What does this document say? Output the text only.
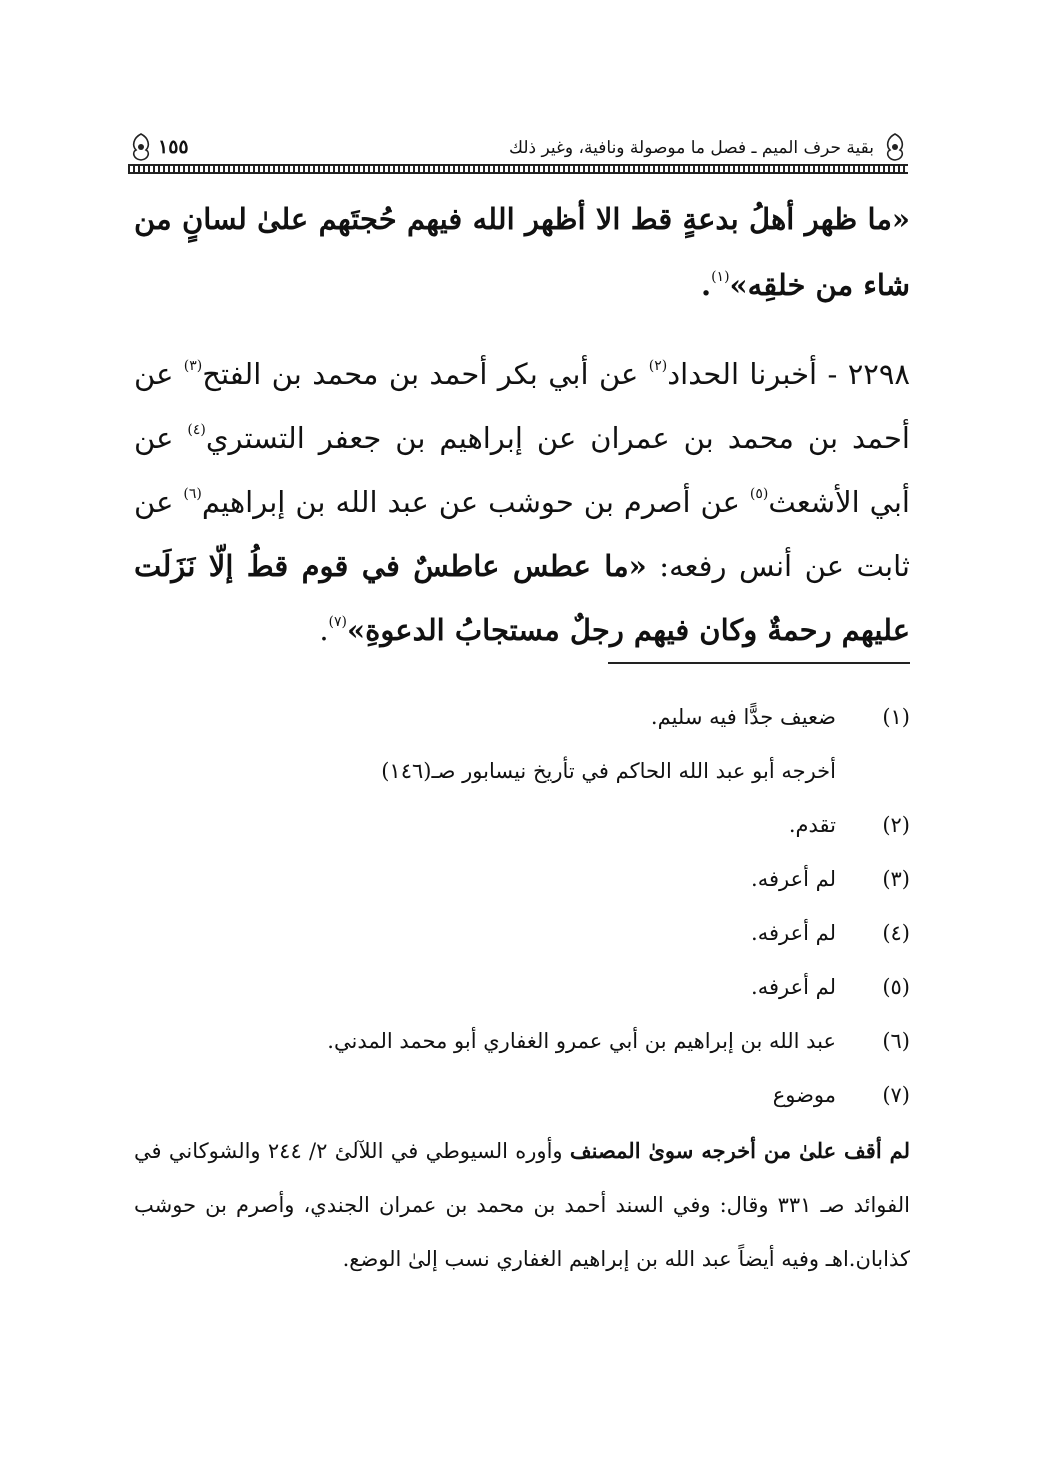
١٥٥	بقية حرف الميم ـ فصل ما موصولة ونافية، وغير ذلك
«ما ظهر أهلُ بدعةٍ قط الا أظهر الله فيهم حُجتَهم علىٰ لسانٍ من شاء من خلقِه»$^{(١)}$.
٢٢٩٨ - أخبرنا الحداد$^{(٢)}$ عن أبي بكر أحمد بن محمد بن الفتح$^{(٣)}$ عن أحمد بن محمد بن عمران عن إبراهيم بن جعفر التستري$^{(٤)}$ عن أبي الأشعث$^{(٥)}$ عن أصرم بن حوشب عن عبد الله بن إبراهيم$^{(٦)}$ عن ثابت عن أنس رفعه: «ما عطس عاطسٌ في قوم قطُ إلّا نَزَلَت عليهم رحمةٌ وكان فيهم رجلٌ مستجابُ الدعوةِ»$^{(٧)}$.
(١)
ضعيف جدًّا فيه سليم.
أخرجه أبو عبد الله الحاكم في تأريخ نيسابور صـ(١٤٦)
(٢)
تقدم.
(٣)
لم أعرفه.
(٤)
لم أعرفه.
(٥)
لم أعرفه.
(٦)
عبد الله بن إبراهيم بن أبي عمرو الغفاري أبو محمد المدني.
(٧)
موضوع
لم أقف علىٰ من أخرجه سوىٰ المصنف وأوره السيوطي في اللآلئ ٢/ ٢٤٤ والشوكاني في الفوائد صـ ٣٣١ وقال: وفي السند أحمد بن محمد بن عمران الجندي، وأصرم بن حوشب كذابان.اهـ وفيه أيضاً عبد الله بن إبراهيم الغفاري نسب إلىٰ الوضع.
